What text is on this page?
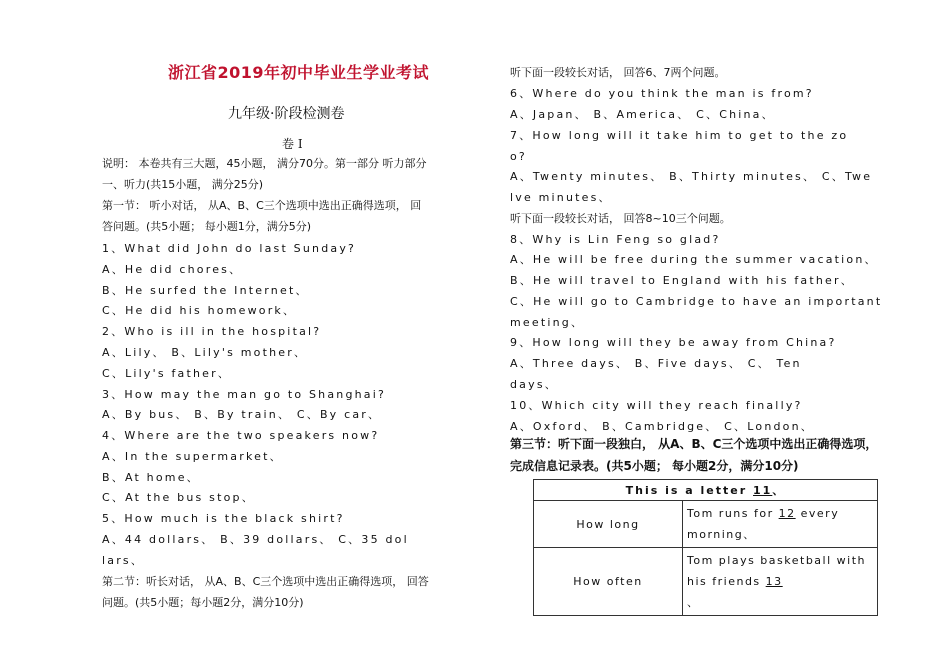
浙江省2019年初中毕业生学业考试
九年级·阶段检测卷
卷 I
说明： 本卷共有三大题，45小题， 满分70分。第一部分 听力部分
一、听力(共15小题， 满分25分)
第一节： 听小对话， 从A、B、C三个选项中选出正确得选项， 回
答问题。(共5小题； 每小题1分，满分5分)
1、What did John do last Sunday?
A、He did chores、
B、He surfed the Internet、
C、He did his homework、
2、Who is ill in the hospital?
A、Lily、 B、Lily's mother、
C、Lily's father、
3、How may the man go to Shanghai?
A、By bus、 B、By train、 C、By car、
4、Where are the two speakers now?
A、In the supermarket、
B、At home、
C、At the bus stop、
5、How much is the black shirt?
A、44 dollars、 B、39 dollars、 C、35 dol
lars、
第二节：听长对话， 从A、B、C三个选项中选出正确得选项， 回答
问题。(共5小题；每小题2分，满分10分)
听下面一段较长对话， 回答6、7两个问题。
6、Where do you think the man is from?
A、Japan、 B、America、 C、China、
7、How long will it take him to get to the zo
o?
A、Twenty minutes、 B、Thirty minutes、 C、Twe
lve minutes、
听下面一段较长对话， 回答8~10三个问题。
8、Why is Lin Feng so glad?
A、He will be free during the summer vacation、
B、He will travel to England with his father、
C、He will go to Cambridge to have an important
meeting、
9、How long will they be away from China?
A、Three days、 B、Five days、 C、 Ten
days、
10、Which city will they reach finally?
A、Oxford、 B、Cambridge、 C、London、
第三节：听下面一段独白， 从A、B、C三个选项中选出正确得选项，
完成信息记录表。(共5小题； 每小题2分，满分10分)
This is a letter 11、	
How long	Tom runs for 12 every morning、
How often	Tom plays basketball with his friends 13
、
